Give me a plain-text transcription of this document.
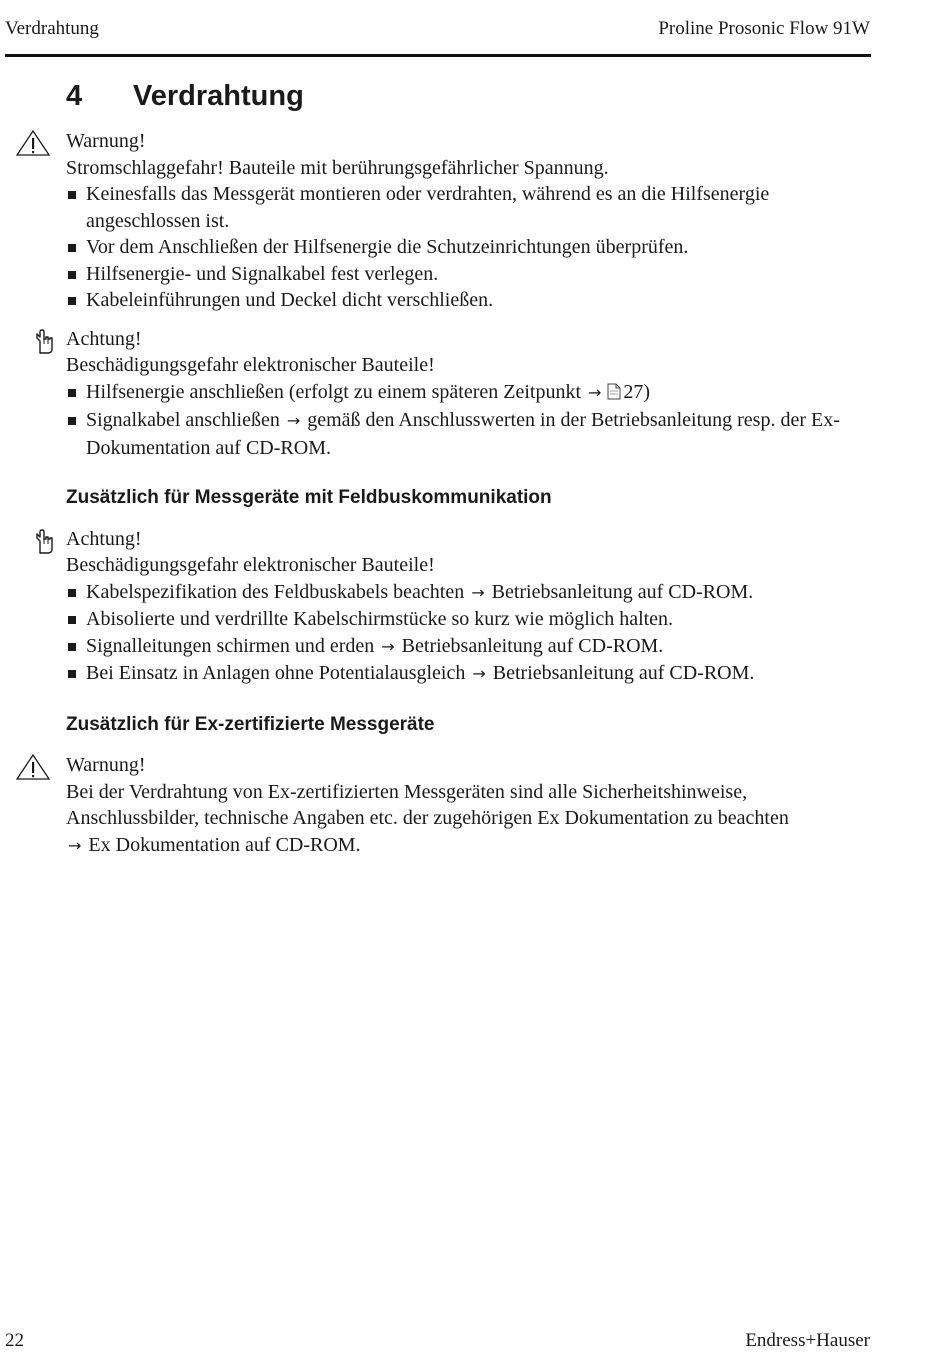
Verdrahtung	Proline Prosonic Flow 91W
4 Verdrahtung
Warnung!
Stromschlaggefahr! Bauteile mit berührungsgefährlicher Spannung.
Keinesfalls das Messgerät montieren oder verdrahten, während es an die Hilfsenergie angeschlossen ist.
Vor dem Anschließen der Hilfsenergie die Schutzeinrichtungen überprüfen.
Hilfsenergie- und Signalkabel fest verlegen.
Kabeleinführungen und Deckel dicht verschließen.
Achtung!
Beschädigungsgefahr elektronischer Bauteile!
Hilfsenergie anschließen (erfolgt zu einem späteren Zeitpunkt → 27)
Signalkabel anschließen → gemäß den Anschlusswerten in der Betriebsanleitung resp. der Ex-Dokumentation auf CD-ROM.
Zusätzlich für Messgeräte mit Feldbuskommunikation
Achtung!
Beschädigungsgefahr elektronischer Bauteile!
Kabelspezifikation des Feldbuskabels beachten → Betriebsanleitung auf CD-ROM.
Abisolierte und verdrillte Kabelschirmstücke so kurz wie möglich halten.
Signalleitungen schirmen und erden → Betriebsanleitung auf CD-ROM.
Bei Einsatz in Anlagen ohne Potentialausgleich → Betriebsanleitung auf CD-ROM.
Zusätzlich für Ex-zertifizierte Messgeräte
Warnung!
Bei der Verdrahtung von Ex-zertifizierten Messgeräten sind alle Sicherheitshinweise,
Anschlussbilder, technische Angaben etc. der zugehörigen Ex Dokumentation zu beachten
→ Ex Dokumentation auf CD-ROM.
22	Endress+Hauser
